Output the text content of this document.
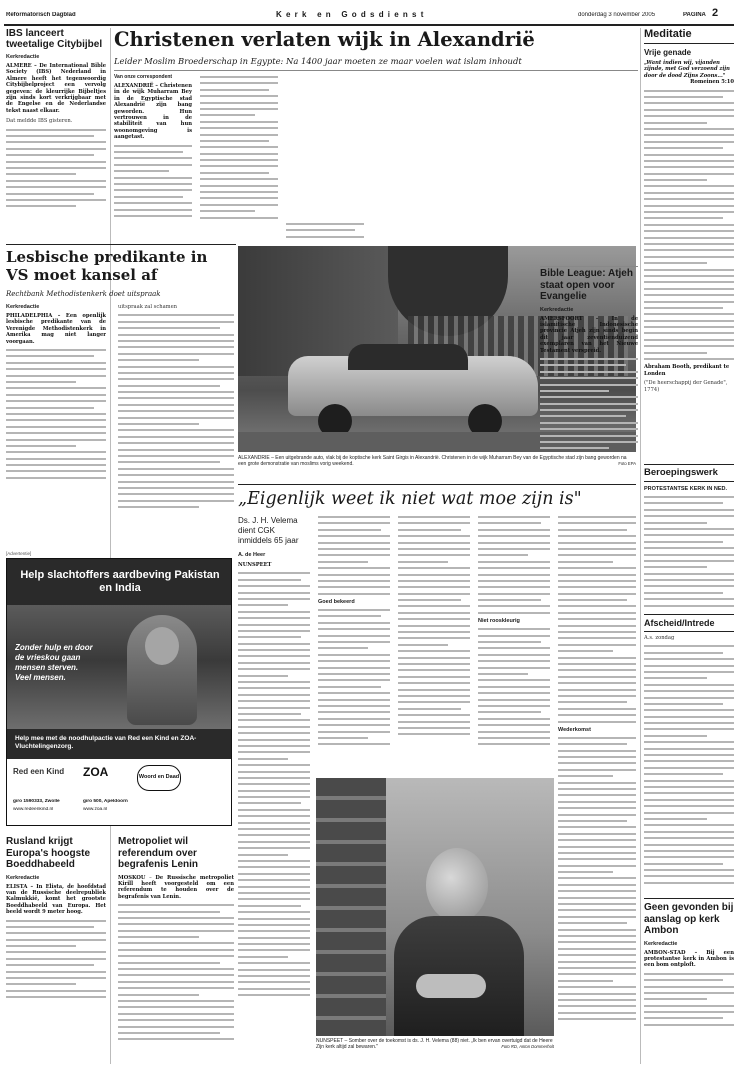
Reformatorisch Dagblad	K e r k   e n   G o d s d i e n s t	donderdag 3 november 2005	PAGINA 2
IBS lanceert tweetalige Citybijbel
Kerkredactie
ALMERE – De International Bible Society (IBS) Nederland in Almere heeft het tegenwoordig Citybijbelproject een vervolg gegeven: de kleurrijke Bijbeltjes zijn sinds kort verkrijgbaar met de Engelse en de Nederlandse tekst naast elkaar.
Dat meldde IBS gisteren.
[Advertentie]
Help slachtoffers aardbeving Pakistan en India
Zonder hulp en door de vrieskou gaan mensen sterven. Veel mensen.
Help mee met de noodhulpactie van Red een Kind en ZOA-Vluchtelingenzorg.
Red een Kind ZOA	Woord en Daad
giro 1590333, Zwolle	giro 500, Apeldoorn
www.redeenkind.nl	www.zoa.nl
Rusland krijgt Europa's hoogste Boeddhabeeld
Kerkredactie
ELISTA – In Elista, de hoofdstad van de Russische deelrepubliek Kalmukkië, komt het grootste Boeddhabeeld van Europa. Het beeld wordt 9 meter hoog.
Christenen verlaten wijk in Alexandrië
Leider Moslim Broederschap in Egypte: Na 1400 jaar moeten ze maar voelen wat islam inhoudt
Van onze correspondent
ALEXANDRIË – Christenen in de wijk Muharram Bey in de Egyptische stad Alexandrië zijn bang geworden. Hun vertrouwen in de stabiliteit van hun woonomgeving is aangetast.
ALEXANDRIË – Een uitgebrande auto, vlak bij de koptische kerk Saint Girgis in Alexandrië. Christenen in de wijk Muharram Bey van de Egyptische stad zijn bang geworden na een grote demonstratie van moslims vorig weekend.	Foto EPA
Lesbische predikante in VS moet kansel af
Rechtbank Methodistenkerk doet uitspraak
Kerkredactie
PHILADELPHIA – Een openlijk lesbische predikante van de Verenigde Methodistenkerk in Amerika mag niet langer voorgaan.
uitspraak zal schamen
„Eigenlijk weet ik niet wat moe zijn is"
Ds. J. H. Velema dient CGK inmiddels 65 jaar
A. de Heer
NUNSPEET
Goed bekeerd
Niet rooskleurig
Wederkomst
NUNSPEET – Somber over de toekomst is ds. J. H. Velema (88) niet. „Ik ben ervan overtuigd dat de Heere Zijn kerk altijd zal bewaren."	Foto RD, Anton Dommerholt
Metropoliet wil referendum over begrafenis Lenin
MOSKOU – De Russische metropoliet Kirill heeft voorgesteld om een referendum te houden over de begrafenis van Lenin.
Bible League: Atjeh staat open voor Evangelie
Kerkredactie
AMERSFOORT – In de islamitische Indonesische provincie Atjeh zijn sinds begin dit jaar zeventienduizend exemplaren van het Nieuwe Testament verspreid.
Meditatie
Vrije genade
„Want indien wij, vijanden zijnde, met God verzoend zijn door de dood Zijns Zoons..."
Romeinen 5:10
Abraham Booth, predikant te Londen
("De heerschappij der Genade", 1774)
Beroepingswerk
PROTESTANTSE KERK IN NED.
Afscheid/Intrede
A.s. zondag
Geen gevonden bij aanslag op kerk Ambon
Kerkredactie
AMBON-STAD – Bij een protestantse kerk in Ambon is een bom ontploft.
